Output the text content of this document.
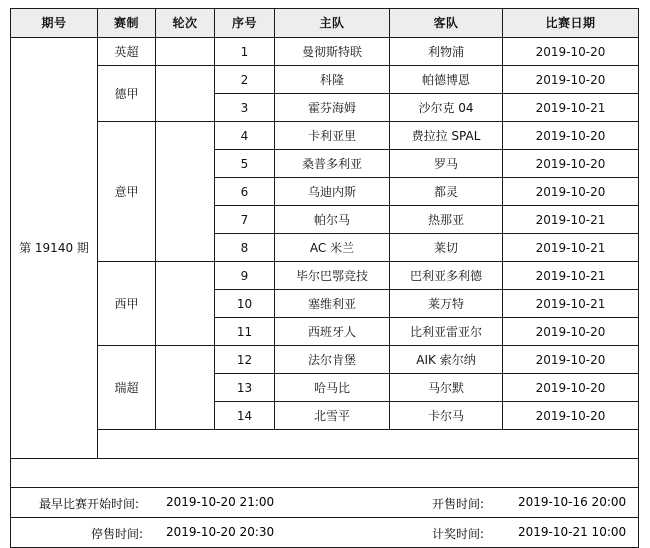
期号	赛制	轮次	序号	主队	客队	比赛日期
第 19140 期	英超		1	曼彻斯特联	利物浦	2019-10-20
	德甲		2	科隆	帕德博恩	2019-10-20
			3	霍芬海姆	沙尔克 04	2019-10-21
	意甲		4	卡利亚里	费拉拉 SPAL	2019-10-20
			5	桑普多利亚	罗马	2019-10-20
			6	乌迪内斯	都灵	2019-10-20
			7	帕尔马	热那亚	2019-10-21
			8	AC 米兰	莱切	2019-10-21
	西甲		9	毕尔巴鄂竞技	巴利亚多利德	2019-10-21
			10	塞维利亚	莱万特	2019-10-21
			11	西班牙人	比利亚雷亚尔	2019-10-20
	瑞超		12	法尔肯堡	AIK 索尔纳	2019-10-20
			13	哈马比	马尔默	2019-10-20
			14	北雪平	卡尔马	2019-10-20

最早比赛开始时间: 2019-10-20 21:00	开售时间:	2019-10-16 20:00
停售时间: 2019-10-20 20:30	计奖时间:	2019-10-21 10:00
